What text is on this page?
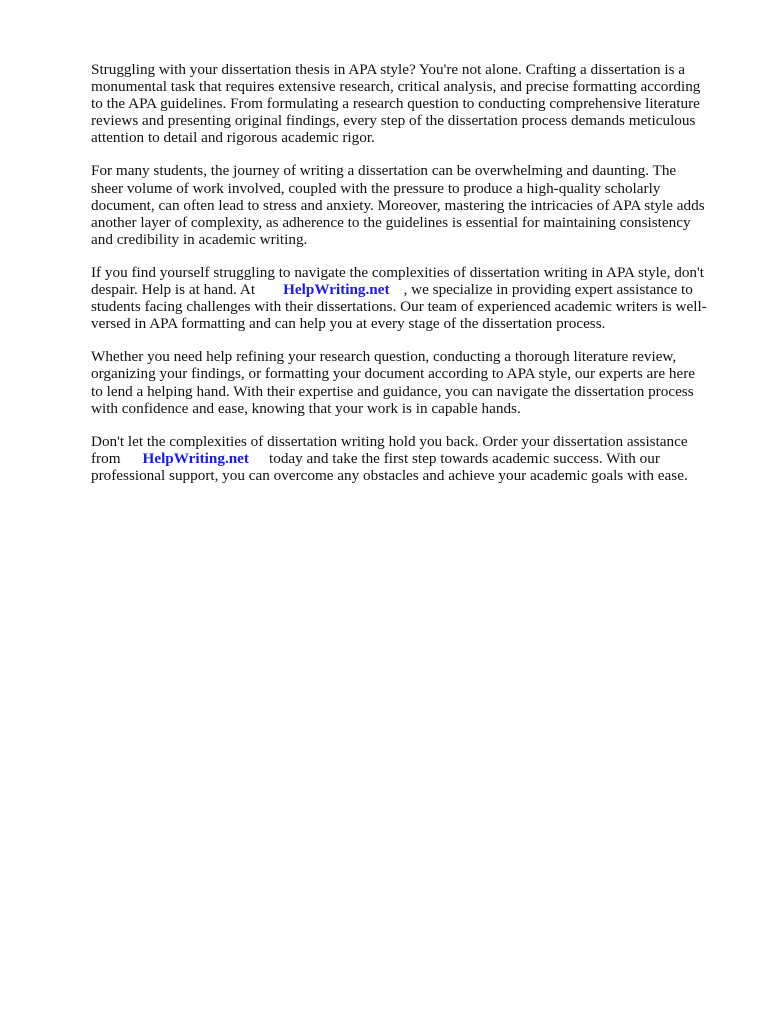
Struggling with your dissertation thesis in APA style? You're not alone. Crafting a dissertation is a
monumental task that requires extensive research, critical analysis, and precise formatting according
to the APA guidelines. From formulating a research question to conducting comprehensive literature
reviews and presenting original findings, every step of the dissertation process demands meticulous
attention to detail and rigorous academic rigor.

For many students, the journey of writing a dissertation can be overwhelming and daunting. The
sheer volume of work involved, coupled with the pressure to produce a high-quality scholarly
document, can often lead to stress and anxiety. Moreover, mastering the intricacies of APA style adds
another layer of complexity, as adherence to the guidelines is essential for maintaining consistency
and credibility in academic writing.

If you find yourself struggling to navigate the complexities of dissertation writing in APA style, don't
despair. Help is at hand. At HelpWriting.net , we specialize in providing expert assistance to
students facing challenges with their dissertations. Our team of experienced academic writers is well-
versed in APA formatting and can help you at every stage of the dissertation process.

Whether you need help refining your research question, conducting a thorough literature review,
organizing your findings, or formatting your document according to APA style, our experts are here
to lend a helping hand. With their expertise and guidance, you can navigate the dissertation process
with confidence and ease, knowing that your work is in capable hands.

Don't let the complexities of dissertation writing hold you back. Order your dissertation assistance
from HelpWriting.net today and take the first step towards academic success. With our
professional support, you can overcome any obstacles and achieve your academic goals with ease.
